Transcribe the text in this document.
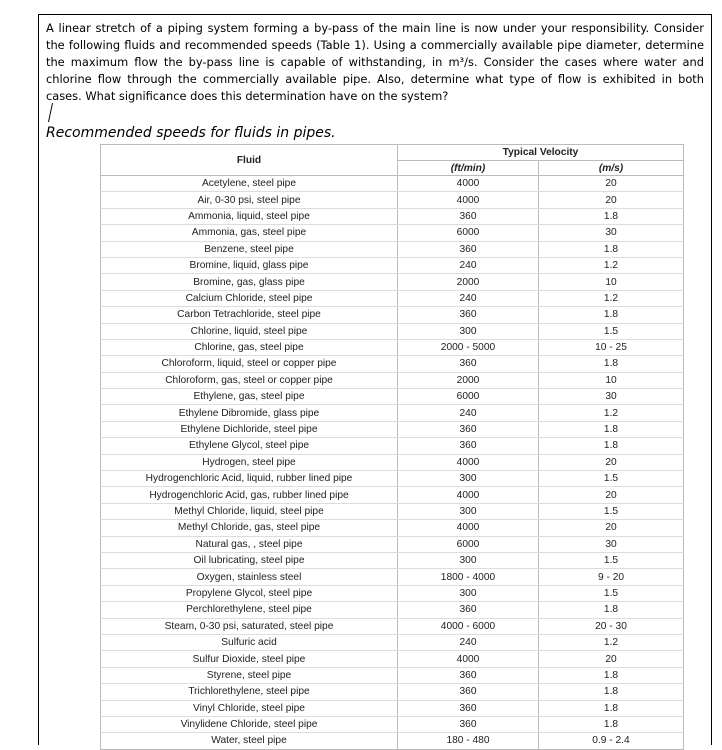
A linear stretch of a piping system forming a by-pass of the main line is now under your responsibility. Consider the following fluids and recommended speeds (Table 1). Using a commercially available pipe diameter, determine the maximum flow the by-pass line is capable of withstanding, in m³/s. Consider the cases where water and chlorine flow through the commercially available pipe. Also, determine what type of flow is exhibited in both cases. What significance does this determination have on the system?
Recommended speeds for fluids in pipes.
Fluid	Typical Velocity	
	(ft/min)	(m/s)
Acetylene, steel pipe	4000	20
Air, 0-30 psi, steel pipe	4000	20
Ammonia, liquid, steel pipe	360	1.8
Ammonia, gas, steel pipe	6000	30
Benzene, steel pipe	360	1.8
Bromine, liquid, glass pipe	240	1.2
Bromine, gas, glass pipe	2000	10
Calcium Chloride, steel pipe	240	1.2
Carbon Tetrachloride, steel pipe	360	1.8
Chlorine, liquid, steel pipe	300	1.5
Chlorine, gas, steel pipe	2000 - 5000	10 - 25
Chloroform, liquid, steel or copper pipe	360	1.8
Chloroform, gas, steel or copper pipe	2000	10
Ethylene, gas, steel pipe	6000	30
Ethylene Dibromide, glass pipe	240	1.2
Ethylene Dichloride, steel pipe	360	1.8
Ethylene Glycol, steel pipe	360	1.8
Hydrogen, steel pipe	4000	20
Hydrogenchloric Acid, liquid, rubber lined pipe	300	1.5
Hydrogenchloric Acid, gas, rubber lined pipe	4000	20
Methyl Chloride, liquid, steel pipe	300	1.5
Methyl Chloride, gas, steel pipe	4000	20
Natural gas, , steel pipe	6000	30
Oil lubricating, steel pipe	300	1.5
Oxygen, stainless steel	1800 - 4000	9 - 20
Propylene Glycol, steel pipe	300	1.5
Perchlorethylene, steel pipe	360	1.8
Steam, 0-30 psi, saturated, steel pipe	4000 - 6000	20 - 30
Sulfuric acid	240	1.2
Sulfur Dioxide, steel pipe	4000	20
Styrene, steel pipe	360	1.8
Trichlorethylene, steel pipe	360	1.8
Vinyl Chloride, steel pipe	360	1.8
Vinylidene Chloride, steel pipe	360	1.8
Water, steel pipe	180 - 480	0.9 - 2.4
